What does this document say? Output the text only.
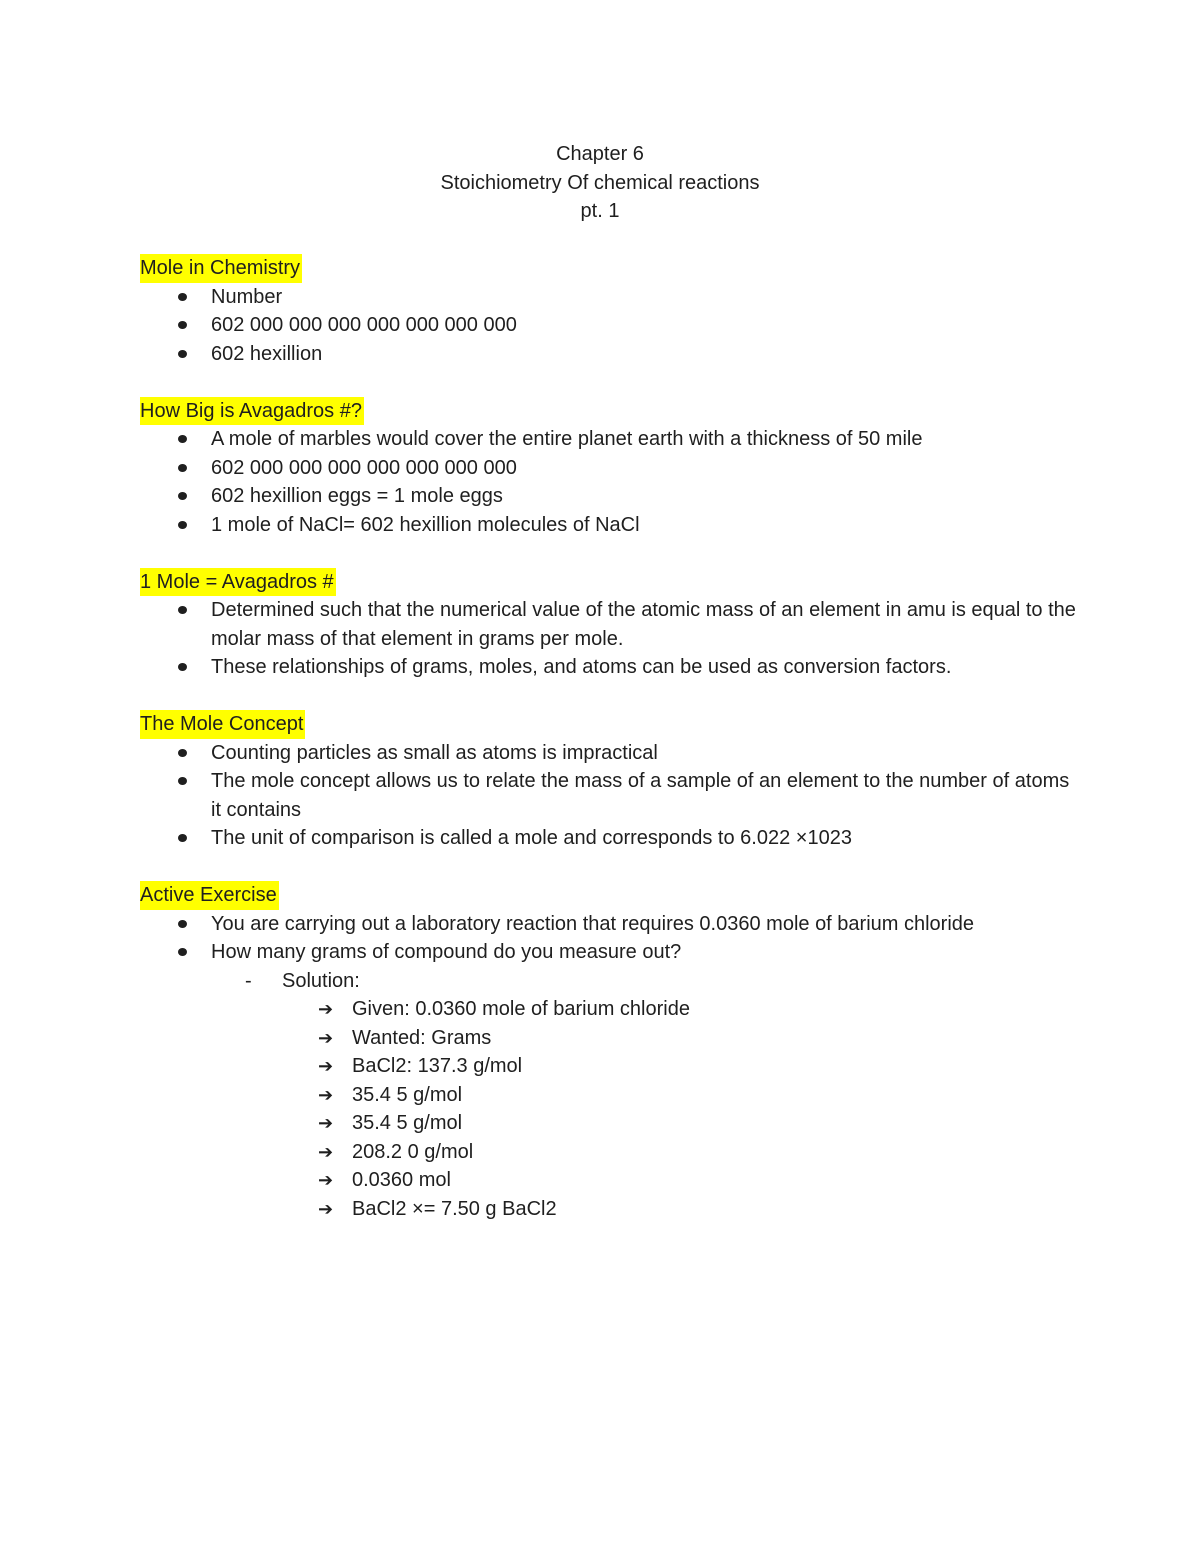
Chapter 6
Stoichiometry Of chemical reactions
pt. 1
Mole in Chemistry
Number
602 000 000 000 000 000 000 000
602 hexillion
How Big is Avagadros #?
A mole of marbles would cover the entire planet earth with a thickness of 50 mile
602 000 000 000 000 000 000 000
602 hexillion eggs = 1 mole eggs
1 mole of NaCl= 602 hexillion molecules of NaCl
1 Mole = Avagadros #
Determined such that the numerical value of the atomic mass of an element in amu is equal to the molar mass of that element in grams per mole.
These relationships of grams, moles, and atoms can be used as conversion factors.
The Mole Concept
Counting particles as small as atoms is impractical
The mole concept allows us to relate the mass of a sample of an element to the number of atoms it contains
The unit of comparison is called a mole and corresponds to 6.022 ×1023
Active Exercise
You are carrying out a laboratory reaction that requires 0.0360 mole of barium chloride
How many grams of compound do you measure out?
- Solution:
➔ Given: 0.0360 mole of barium chloride
➔ Wanted: Grams
➔ BaCl2: 137.3 g/mol
➔ 35.4 5 g/mol
➔ 35.4 5 g/mol
➔ 208.2 0 g/mol
➔ 0.0360 mol
➔ BaCl2 ×= 7.50 g BaCl2
